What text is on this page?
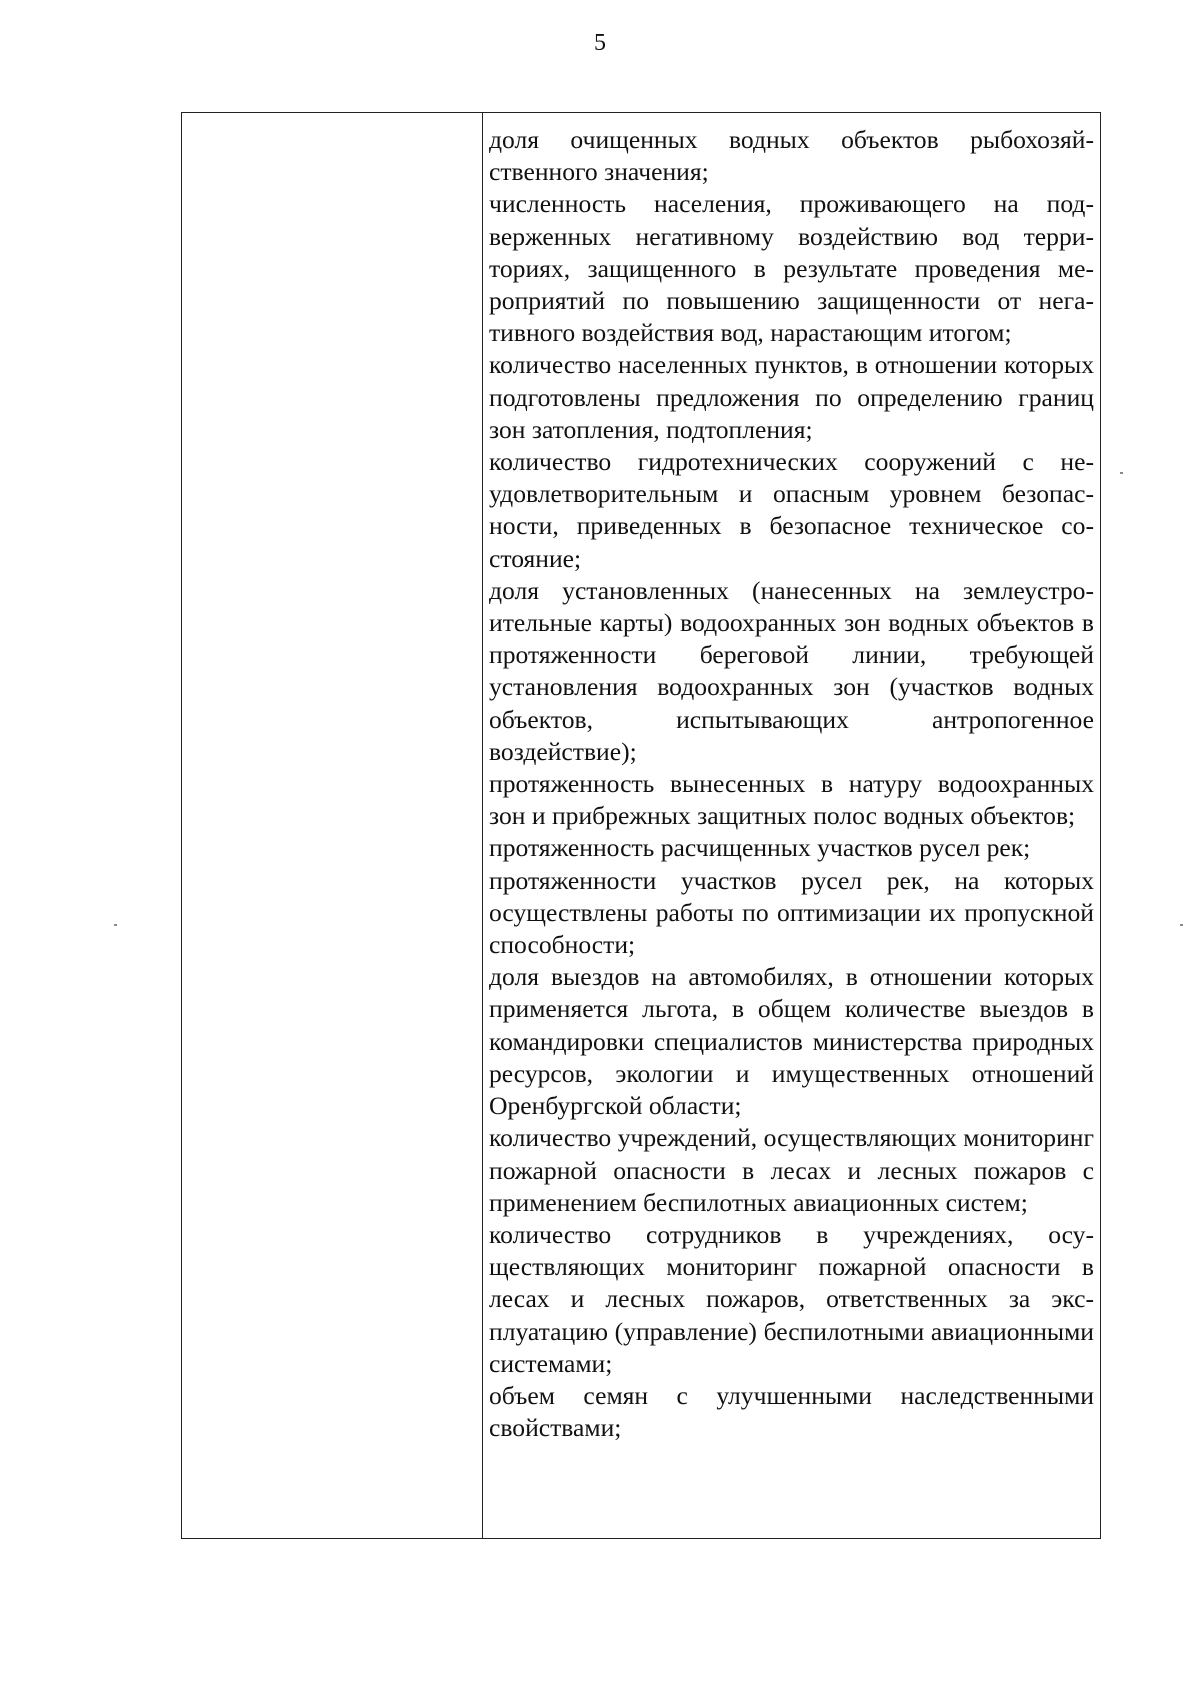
5
доля очищенных водных объектов рыбохозяйственного значения;
численность населения, проживающего на подверженных негативному воздействию вод территориях, защищенного в результате проведения мероприятий по повышению защищенности от негативного воздействия вод, нарастающим итогом;
количество населенных пунктов, в отношении которых подготовлены предложения по определению границ зон затопления, подтопления;
количество гидротехнических сооружений с неудовлетворительным и опасным уровнем безопасности, приведенных в безопасное техническое состояние;
доля установленных (нанесенных на землеустроительные карты) водоохранных зон водных объектов в протяженности береговой линии, требующей установления водоохранных зон (участков водных объектов, испытывающих антропогенное воздействие);
протяженность вынесенных в натуру водоохранных зон и прибрежных защитных полос водных объектов;
протяженность расчищенных участков русел рек;
протяженности участков русел рек, на которых осуществлены работы по оптимизации их пропускной способности;
доля выездов на автомобилях, в отношении которых применяется льгота, в общем количестве выездов в командировки специалистов министерства природных ресурсов, экологии и имущественных отношений Оренбургской области;
количество учреждений, осуществляющих мониторинг пожарной опасности в лесах и лесных пожаров с применением беспилотных авиационных систем;
количество сотрудников в учреждениях, осуществляющих мониторинг пожарной опасности в лесах и лесных пожаров, ответственных за эксплуатацию (управление) беспилотными авиационными системами;
объем семян с улучшенными наследственными свойствами;
